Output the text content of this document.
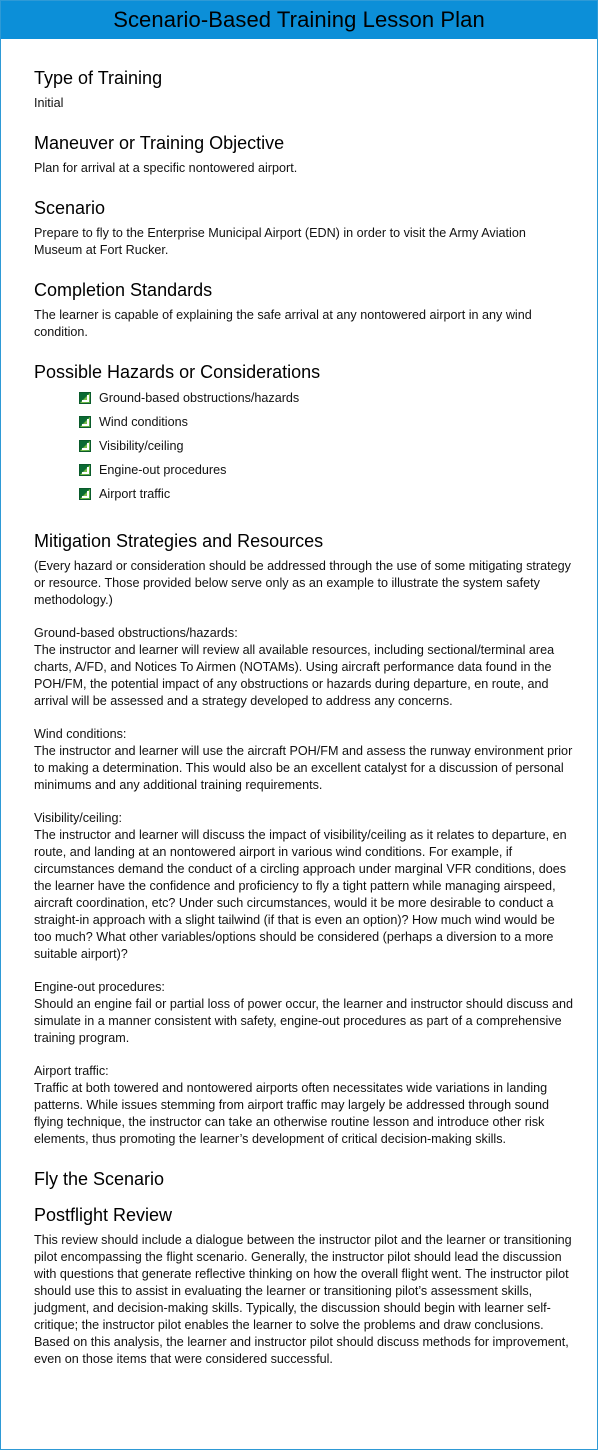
Scenario-Based Training Lesson Plan
Type of Training

Initial

Maneuver or Training Objective

Plan for arrival at a specific nontowered airport.

Scenario

Prepare to fly to the Enterprise Municipal Airport (EDN) in order to visit the Army Aviation Museum at Fort Rucker.

Completion Standards

The learner is capable of explaining the safe arrival at any nontowered airport in any wind condition.

Possible Hazards or Considerations
Ground-based obstructions/hazards
Wind conditions
Visibility/ceiling
Engine-out procedures
Airport traffic
Mitigation Strategies and Resources

(Every hazard or consideration should be addressed through the use of some mitigating strategy or resource. Those provided below serve only as an example to illustrate the system safety methodology.)

Ground-based obstructions/hazards:

The instructor and learner will review all available resources, including sectional/terminal area charts, A/FD, and Notices To Airmen (NOTAMs). Using aircraft performance data found in the POH/FM, the potential impact of any obstructions or hazards during departure, en route, and arrival will be assessed and a strategy developed to address any concerns.

Wind conditions:

The instructor and learner will use the aircraft POH/FM and assess the runway environment prior to making a determination. This would also be an excellent catalyst for a discussion of personal minimums and any additional training requirements.

Visibility/ceiling:

The instructor and learner will discuss the impact of visibility/ceiling as it relates to departure, en route, and landing at an nontowered airport in various wind conditions. For example, if circumstances demand the conduct of a circling approach under marginal VFR conditions, does the learner have the confidence and proficiency to fly a tight pattern while managing airspeed, aircraft coordination, etc? Under such circumstances, would it be more desirable to conduct a straight-in approach with a slight tailwind (if that is even an option)? How much wind would be too much? What other variables/options should be considered (perhaps a diversion to a more suitable airport)?

Engine-out procedures:

Should an engine fail or partial loss of power occur, the learner and instructor should discuss and simulate in a manner consistent with safety, engine-out procedures as part of a comprehensive training program.

Airport traffic:

Traffic at both towered and nontowered airports often necessitates wide variations in landing patterns. While issues stemming from airport traffic may largely be addressed through sound flying technique, the instructor can take an otherwise routine lesson and introduce other risk elements, thus promoting the learner’s development of critical decision-making skills.

Fly the Scenario
Postflight Review

This review should include a dialogue between the instructor pilot and the learner or transitioning pilot encompassing the flight scenario. Generally, the instructor pilot should lead the discussion with questions that generate reflective thinking on how the overall flight went. The instructor pilot should use this to assist in evaluating the learner or transitioning pilot’s assessment skills, judgment, and decision-making skills. Typically, the discussion should begin with learner self-critique; the instructor pilot enables the learner to solve the problems and draw conclusions. Based on this analysis, the learner and instructor pilot should discuss methods for improvement, even on those items that were considered successful.
